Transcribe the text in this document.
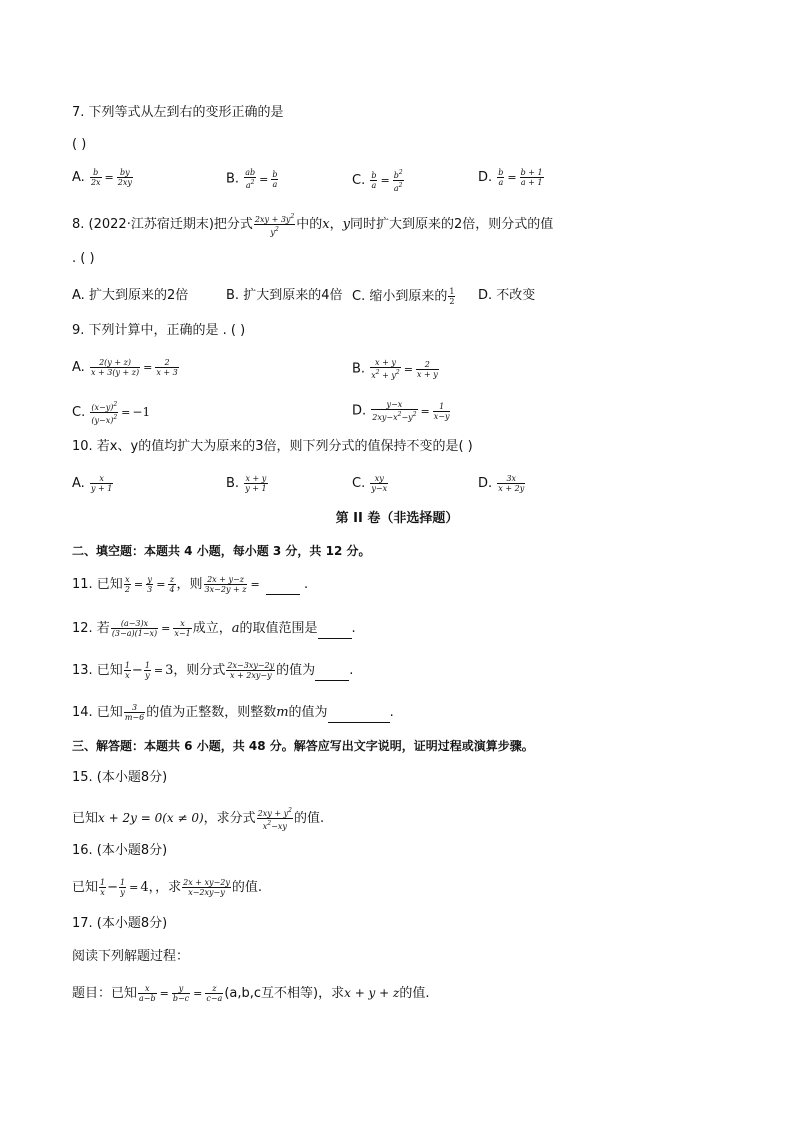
7. 下列等式从左到右的变形正确的是
( )
A. $\frac{b}{2x} = \frac{by}{2xy}$	B. $\frac{ab}{a^2} = \frac{b}{a}$	C. $\frac{b}{a} = \frac{b^2}{a^2}$	D. $\frac{b}{a} = \frac{b + 1}{a + 1}$
8. (2022·江苏宿迁期末)把分式 $\frac{2xy + 3y^2}{y^2}$ 中的x，y同时扩大到原来的2倍，则分式的值
. ( )
A. 扩大到原来的2倍	B. 扩大到原来的4倍 C. 缩小到原来的 $\frac{1}{2} D$. 不改变
9. 下列计算中，正确的是 . ( )
A. $\frac{2(y + z)}{x + 3(y + z)} = \frac{2}{x + 3}$	B. $\frac{x + y}{x^2 + y^2} = \frac{2}{x + y}$
C. $\frac{(x-y)^2}{(y-x)^2} = -1$	D. $\frac{y-x}{2xy-x^2-y^2} = \frac{1}{x-y}$
10. 若x、y的值均扩大为原来的3倍，则下列分式的值保持不变的是( )
A. $\frac{x}{y + 1}$	B. $\frac{x + y}{y + 1}$	C. $\frac{xy}{y-x}$	D. $\frac{3x}{x + 2y}$
第 II 卷（非选择题）
二、填空题：本题共 4 小题，每小题 3 分，共 12 分。
11. 已知 $\frac{x}{2} = \frac{y}{3} = \frac{z}{4}$ ，则 $\frac{2x + y-z}{3x-2y + z}$ =	.
12. 若 $\frac{(a-3)x}{(3-a)(1-x)} = \frac{x}{x-1}$ 成立，a的取值范围是	.
13. 已知 $\frac{1}{x} - \frac{1}{y} = 3$，则分式 $\frac{2x-3xy-2y}{x + 2xy-y}$ 的值为	.
14. 已知 $\frac{3}{m-6}$ 的值为正整数，则整数m的值为	.
三、解答题：本题共 6 小题，共 48 分。解答应写出文字说明，证明过程或演算步骤。
15. (本小题8分)
已知x + 2y = 0(x ≠ 0)，求分式 $\frac{2xy + y^2}{x^2-xy}$ 的值.
16. (本小题8分)
已知 $\frac{1}{x} - \frac{1}{y} = 4$，，求 $\frac{2x + xy-2y}{x-2xy-y}$ 的值.
17. (本小题8分)
阅读下列解题过程：
题目：已知 $\frac{x}{a-b} = \frac{y}{b-c} = \frac{z}{c-a} (a,b,c$互不相等)，求x + y + z的值.
